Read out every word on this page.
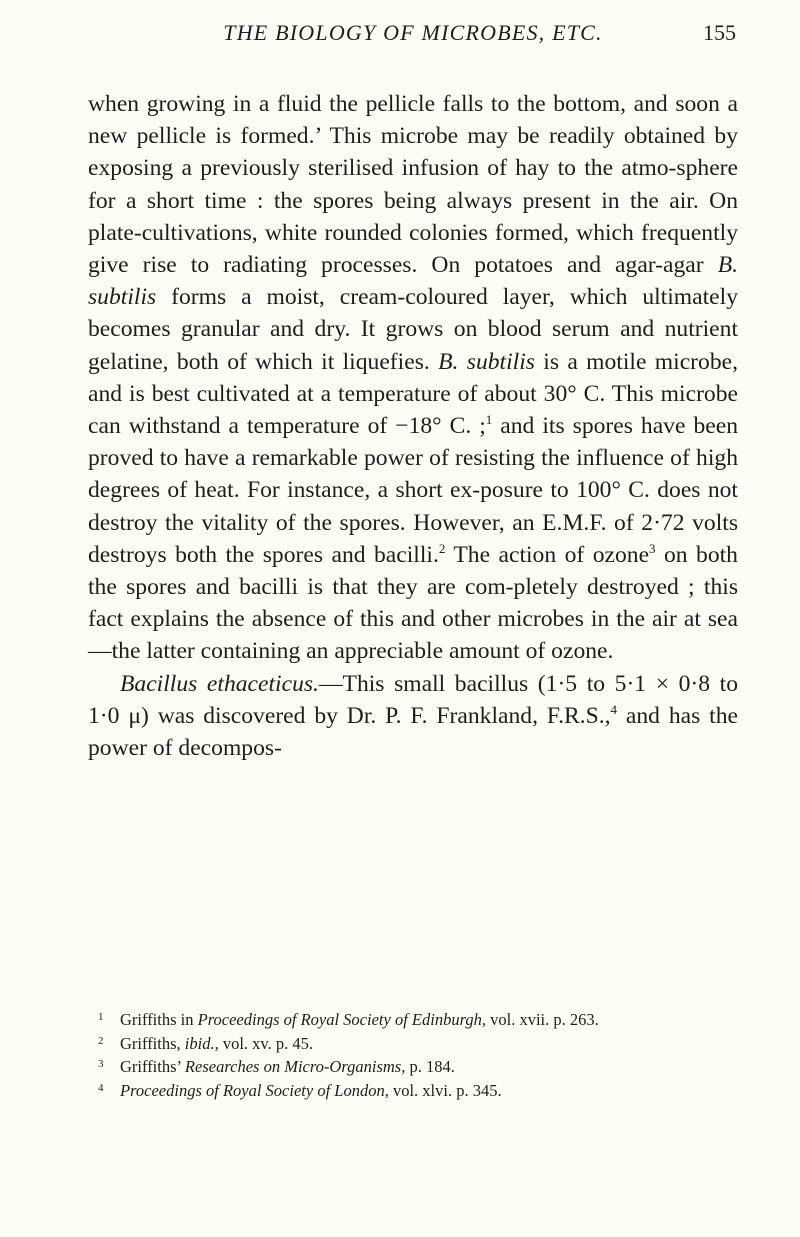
THE BIOLOGY OF MICROBES, ETC.	155

when growing in a fluid the pellicle falls to the bottom, and soon a new pellicle is formed.’ This microbe may be readily obtained by exposing a previously sterilised infusion of hay to the atmo-sphere for a short time : the spores being always present in the air. On plate-cultivations, white rounded colonies formed, which frequently give rise to radiating processes. On potatoes and agar-agar B. subtilis forms a moist, cream-coloured layer, which ultimately becomes granular and dry. It grows on blood serum and nutrient gelatine, both of which it liquefies. B. subtilis is a motile microbe, and is best cultivated at a temperature of about 30° C. This microbe can withstand a temperature of −18° C. ;$^1$ and its spores have been proved to have a remarkable power of resisting the influence of high degrees of heat. For instance, a short ex-posure to 100° C. does not destroy the vitality of the spores. However, an E.M.F. of 2·72 volts destroys both the spores and bacilli.$^2$ The action of ozone$^3$ on both the spores and bacilli is that they are com-pletely destroyed ; this fact explains the absence of this and other microbes in the air at sea—the latter containing an appreciable amount of ozone.

Bacillus ethaceticus.—This small bacillus (1·5 to 5·1 × 0·8 to 1·0 μ) was discovered by Dr. P. F. Frankland, F.R.S.,$^4$ and has the power of decompos-

1 Griffiths in Proceedings of Royal Society of Edinburgh, vol. xvii. p. 263.

2 Griffiths, ibid., vol. xv. p. 45.

3 Griffiths’ Researches on Micro-Organisms, p. 184.

4 Proceedings of Royal Society of London, vol. xlvi. p. 345.
